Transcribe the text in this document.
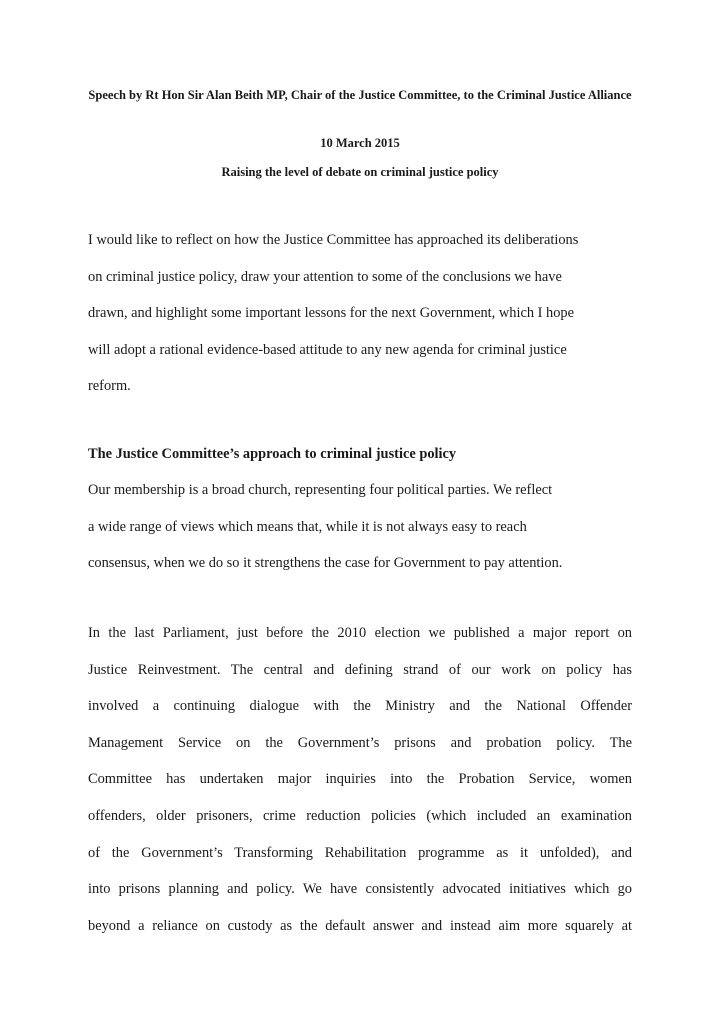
Speech by Rt Hon Sir Alan Beith MP, Chair of the Justice Committee, to the Criminal Justice Alliance

10 March 2015

Raising the level of debate on criminal justice policy

I would like to reflect on how the Justice Committee has approached its deliberations
on criminal justice policy, draw your attention to some of the conclusions we have
drawn, and highlight some important lessons for the next Government, which I hope
will adopt a rational evidence-based attitude to any new agenda for criminal justice
reform.
The Justice Committee’s approach to criminal justice policy
Our membership is a broad church, representing four political parties. We reflect
a wide range of views which means that, while it is not always easy to reach
consensus, when we do so it strengthens the case for Government to pay attention.
In the last Parliament, just before the 2010 election we published a major report on
Justice Reinvestment. The central and defining strand of our work on policy has
involved a continuing dialogue with the Ministry and the National Offender
Management Service on the Government’s prisons and probation policy. The
Committee has undertaken major inquiries into the Probation Service, women
offenders, older prisoners, crime reduction policies (which included an examination
of the Government’s Transforming Rehabilitation programme as it unfolded), and
into prisons planning and policy. We have consistently advocated initiatives which go
beyond a reliance on custody as the default answer and instead aim more squarely at
